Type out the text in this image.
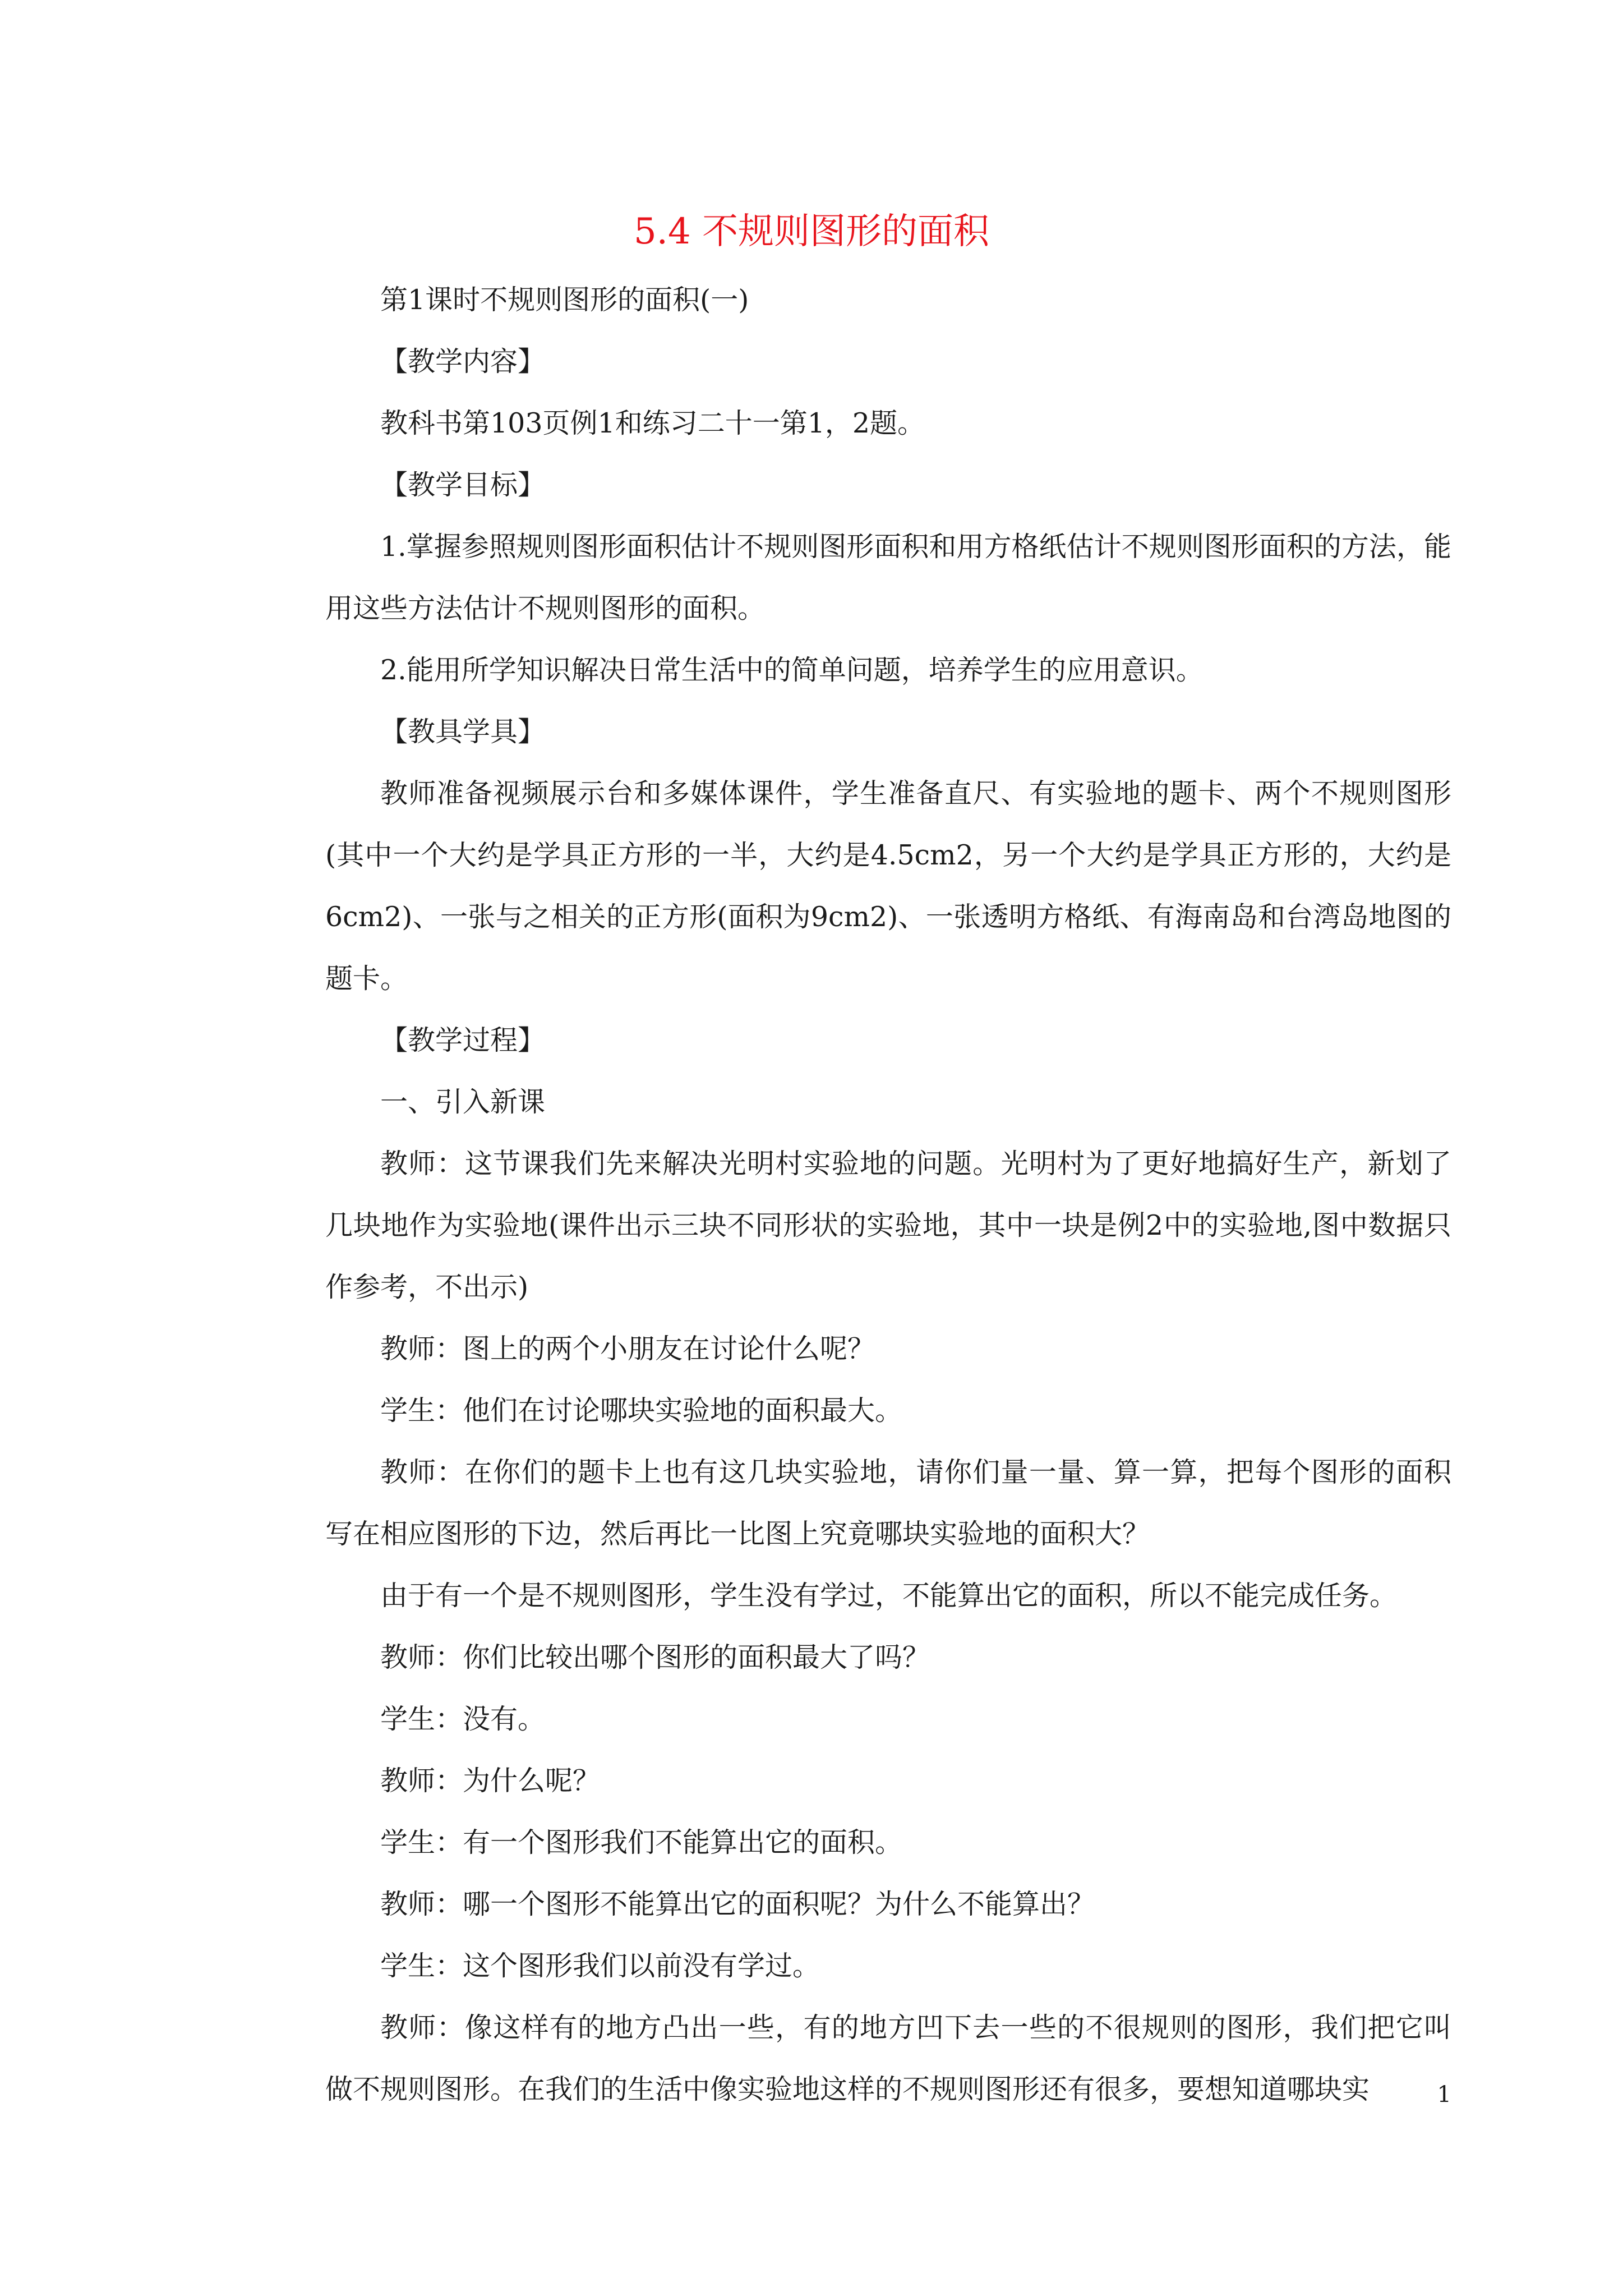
5.4 不规则图形的面积

第1课时不规则图形的面积(一)

【教学内容】

教科书第103页例1和练习二十一第1，2题。

【教学目标】

1.掌握参照规则图形面积估计不规则图形面积和用方格纸估计不规则图形面积的方法，能用这些方法估计不规则图形的面积。

2.能用所学知识解决日常生活中的简单问题，培养学生的应用意识。

【教具学具】

教师准备视频展示台和多媒体课件，学生准备直尺、有实验地的题卡、两个不规则图形(其中一个大约是学具正方形的一半，大约是4.5cm2，另一个大约是学具正方形的，大约是6cm2)、一张与之相关的正方形(面积为9cm2)、一张透明方格纸、有海南岛和台湾岛地图的题卡。

【教学过程】

一、引入新课

教师：这节课我们先来解决光明村实验地的问题。光明村为了更好地搞好生产，新划了几块地作为实验地(课件出示三块不同形状的实验地，其中一块是例2中的实验地,图中数据只作参考，不出示)

教师：图上的两个小朋友在讨论什么呢？

学生：他们在讨论哪块实验地的面积最大。

教师：在你们的题卡上也有这几块实验地，请你们量一量、算一算，把每个图形的面积写在相应图形的下边，然后再比一比图上究竟哪块实验地的面积大？

由于有一个是不规则图形，学生没有学过，不能算出它的面积，所以不能完成任务。

教师：你们比较出哪个图形的面积最大了吗？

学生：没有。

教师：为什么呢？

学生：有一个图形我们不能算出它的面积。

教师：哪一个图形不能算出它的面积呢？为什么不能算出？

学生：这个图形我们以前没有学过。

教师：像这样有的地方凸出一些，有的地方凹下去一些的不很规则的图形，我们把它叫做不规则图形。在我们的生活中像实验地这样的不规则图形还有很多，要想知道哪块实	1
